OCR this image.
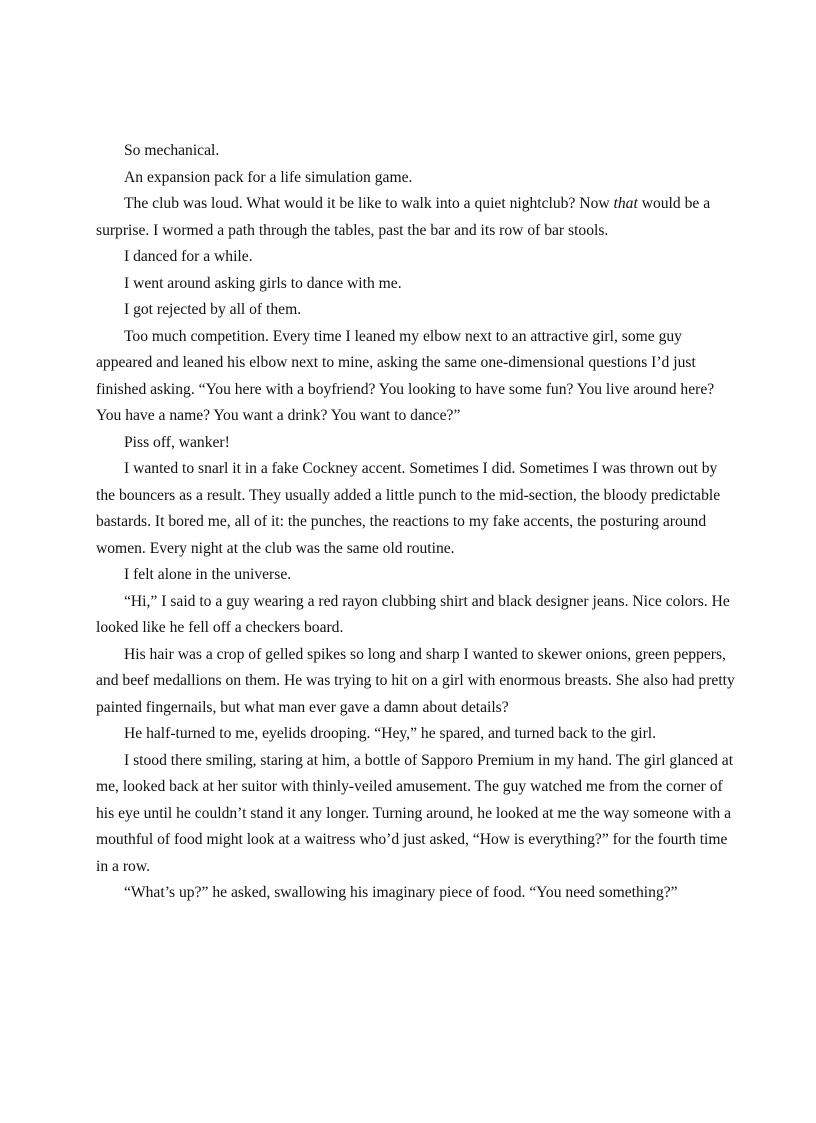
So mechanical.

An expansion pack for a life simulation game.

The club was loud. What would it be like to walk into a quiet nightclub? Now that would be a surprise. I wormed a path through the tables, past the bar and its row of bar stools.

I danced for a while.

I went around asking girls to dance with me.

I got rejected by all of them.

Too much competition. Every time I leaned my elbow next to an attractive girl, some guy appeared and leaned his elbow next to mine, asking the same one-dimensional questions I’d just finished asking. “You here with a boyfriend? You looking to have some fun? You live around here? You have a name? You want a drink? You want to dance?”

Piss off, wanker!

I wanted to snarl it in a fake Cockney accent. Sometimes I did. Sometimes I was thrown out by the bouncers as a result. They usually added a little punch to the mid-section, the bloody predictable bastards. It bored me, all of it: the punches, the reactions to my fake accents, the posturing around women. Every night at the club was the same old routine.

I felt alone in the universe.

“Hi,” I said to a guy wearing a red rayon clubbing shirt and black designer jeans. Nice colors. He looked like he fell off a checkers board.

His hair was a crop of gelled spikes so long and sharp I wanted to skewer onions, green peppers, and beef medallions on them. He was trying to hit on a girl with enormous breasts. She also had pretty painted fingernails, but what man ever gave a damn about details?

He half-turned to me, eyelids drooping. “Hey,” he spared, and turned back to the girl.

I stood there smiling, staring at him, a bottle of Sapporo Premium in my hand. The girl glanced at me, looked back at her suitor with thinly-veiled amusement. The guy watched me from the corner of his eye until he couldn’t stand it any longer. Turning around, he looked at me the way someone with a mouthful of food might look at a waitress who’d just asked, “How is everything?” for the fourth time in a row.

“What’s up?” he asked, swallowing his imaginary piece of food. “You need something?”
